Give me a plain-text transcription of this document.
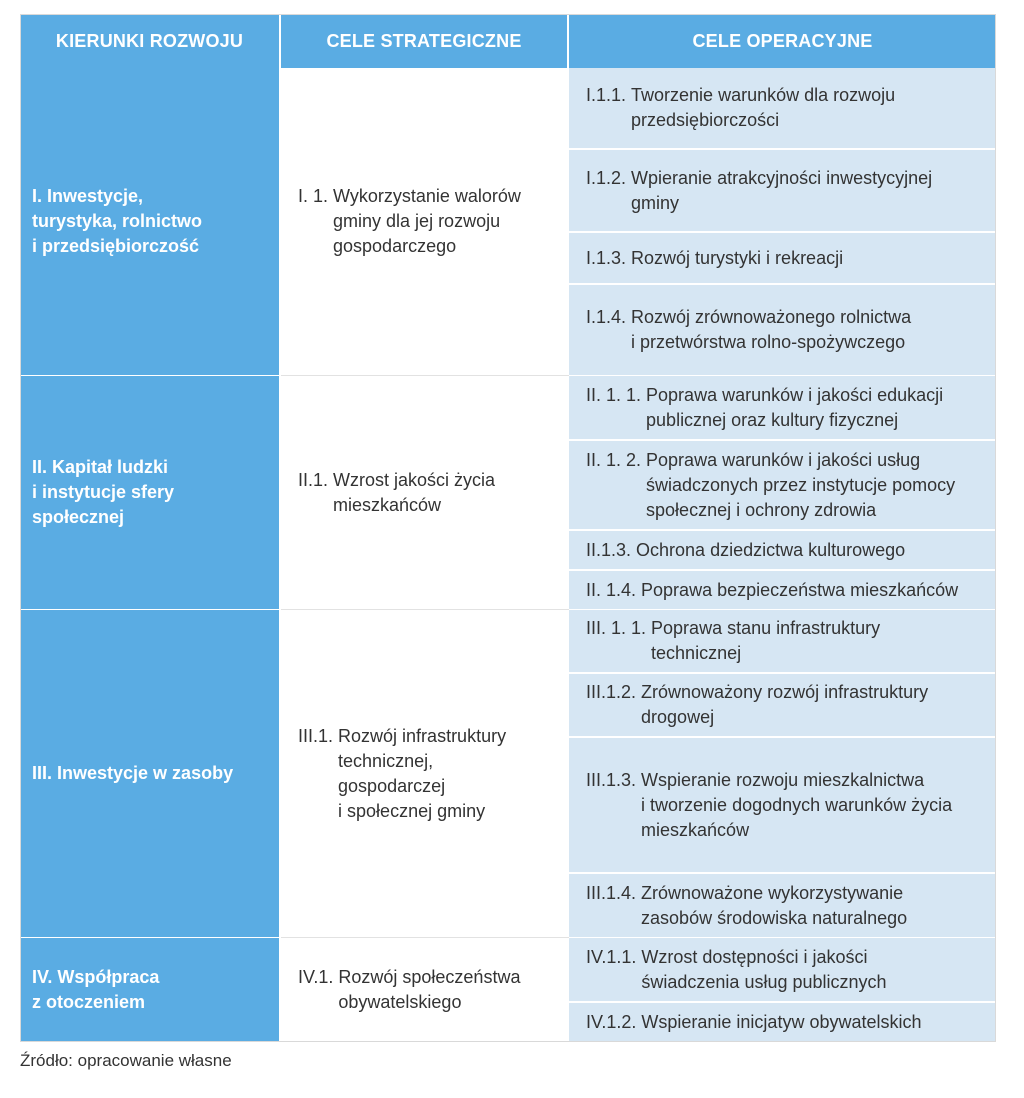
KIERUNKI ROZWOJU	CELE STRATEGICZNE	CELE OPERACYJNE
I. Inwestycje,
turystyka, rolnictwo
i przedsiębiorczość
I. 1. Wykorzystanie walorów
gminy dla jej rozwoju
gospodarczego
I.1.1. Tworzenie warunków dla rozwoju
przedsiębiorczości
I.1.2. Wpieranie atrakcyjności inwestycyjnej
gminy
I.1.3. Rozwój turystyki i rekreacji
I.1.4. Rozwój zrównoważonego rolnictwa
i przetwórstwa rolno-spożywczego
II. Kapitał ludzki
i instytucje sfery
społecznej
II.1. Wzrost jakości życia
mieszkańców
II. 1. 1. Poprawa warunków i jakości edukacji
publicznej oraz kultury fizycznej
II. 1. 2. Poprawa warunków i jakości usług
świadczonych przez instytucje pomocy
społecznej i ochrony zdrowia
II.1.3. Ochrona dziedzictwa kulturowego
II. 1.4. Poprawa bezpieczeństwa mieszkańców
III. Inwestycje w zasoby
III.1. Rozwój infrastruktury
technicznej,
gospodarczej
i społecznej gminy
III. 1. 1. Poprawa stanu infrastruktury
technicznej
III.1.2. Zrównoważony rozwój infrastruktury
drogowej
III.1.3. Wspieranie rozwoju mieszkalnictwa
i tworzenie dogodnych warunków życia
mieszkańców
III.1.4. Zrównoważone wykorzystywanie
zasobów środowiska naturalnego
IV. Współpraca
z otoczeniem
IV.1. Rozwój społeczeństwa
obywatelskiego
IV.1.1. Wzrost dostępności i jakości
świadczenia usług publicznych
IV.1.2. Wspieranie inicjatyw obywatelskich
Źródło: opracowanie własne
